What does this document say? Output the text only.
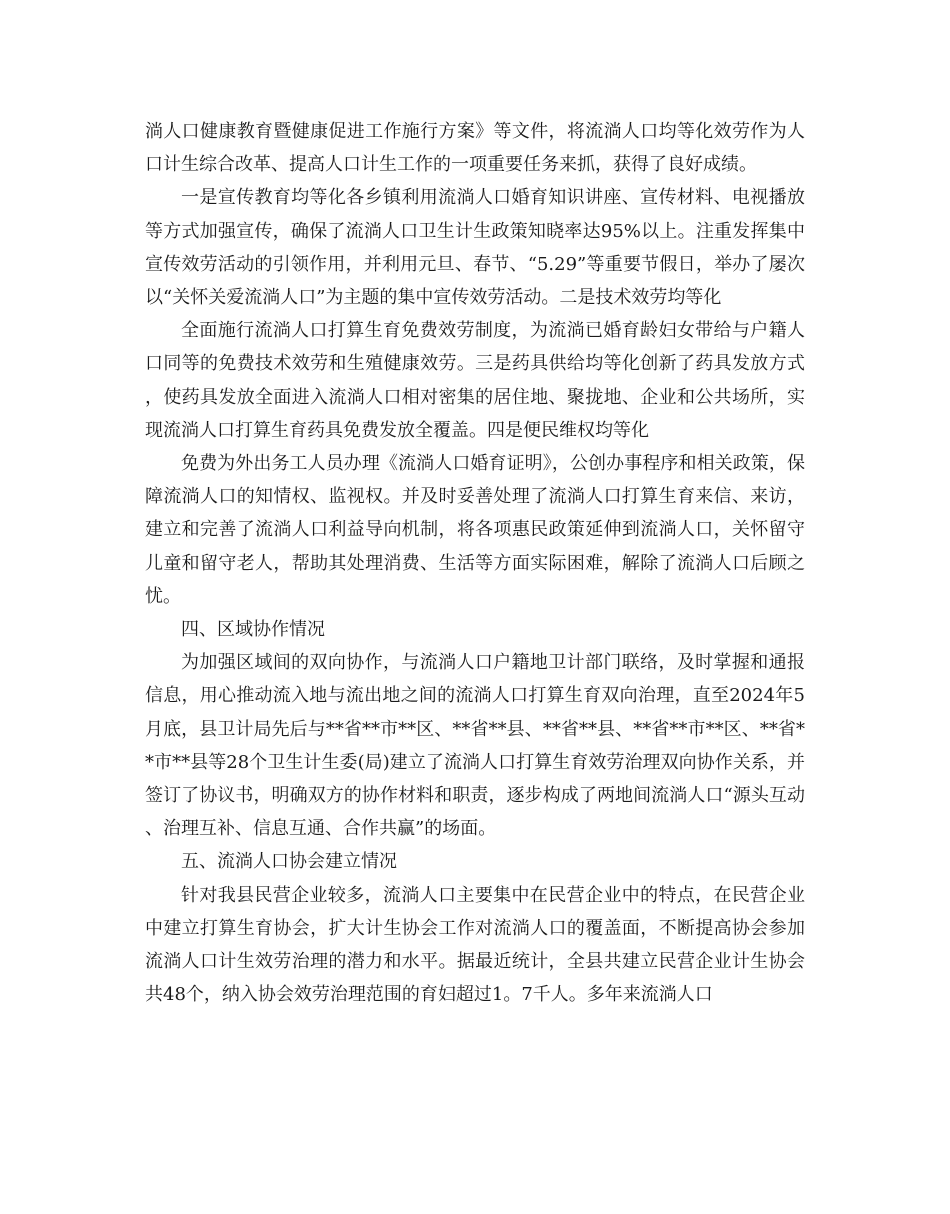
淌人口健康教育暨健康促进工作施行方案》等文件，将流淌人口均等化效劳作为人口计生综合改革、提高人口计生工作的一项重要任务来抓，获得了良好成绩。

一是宣传教育均等化各乡镇利用流淌人口婚育知识讲座、宣传材料、电视播放等方式加强宣传，确保了流淌人口卫生计生政策知晓率达95%以上。注重发挥集中宣传效劳活动的引领作用，并利用元旦、春节、“5.29”等重要节假日，举办了屡次以“关怀关爱流淌人口”为主题的集中宣传效劳活动。二是技术效劳均等化

全面施行流淌人口打算生育免费效劳制度，为流淌已婚育龄妇女带给与户籍人口同等的免费技术效劳和生殖健康效劳。三是药具供给均等化创新了药具发放方式，使药具发放全面进入流淌人口相对密集的居住地、聚拢地、企业和公共场所，实现流淌人口打算生育药具免费发放全覆盖。四是便民维权均等化

免费为外出务工人员办理《流淌人口婚育证明》，公创办事程序和相关政策，保障流淌人口的知情权、监视权。并及时妥善处理了流淌人口打算生育来信、来访，建立和完善了流淌人口利益导向机制，将各项惠民政策延伸到流淌人口，关怀留守儿童和留守老人，帮助其处理消费、生活等方面实际困难，解除了流淌人口后顾之忧。

四、区域协作情况

为加强区域间的双向协作，与流淌人口户籍地卫计部门联络，及时掌握和通报信息，用心推动流入地与流出地之间的流淌人口打算生育双向治理，直至2024年5月底，县卫计局先后与**省**市**区、**省**县、**省**县、**省**市**区、**省**市**县等28个卫生计生委(局)建立了流淌人口打算生育效劳治理双向协作关系，并签订了协议书，明确双方的协作材料和职责，逐步构成了两地间流淌人口“源头互动、治理互补、信息互通、合作共赢”的场面。

五、流淌人口协会建立情况

针对我县民营企业较多，流淌人口主要集中在民营企业中的特点，在民营企业中建立打算生育协会，扩大计生协会工作对流淌人口的覆盖面，不断提高协会参加流淌人口计生效劳治理的潜力和水平。据最近统计，全县共建立民营企业计生协会共48个，纳入协会效劳治理范围的育妇超过1。7千人。多年来流淌人口
